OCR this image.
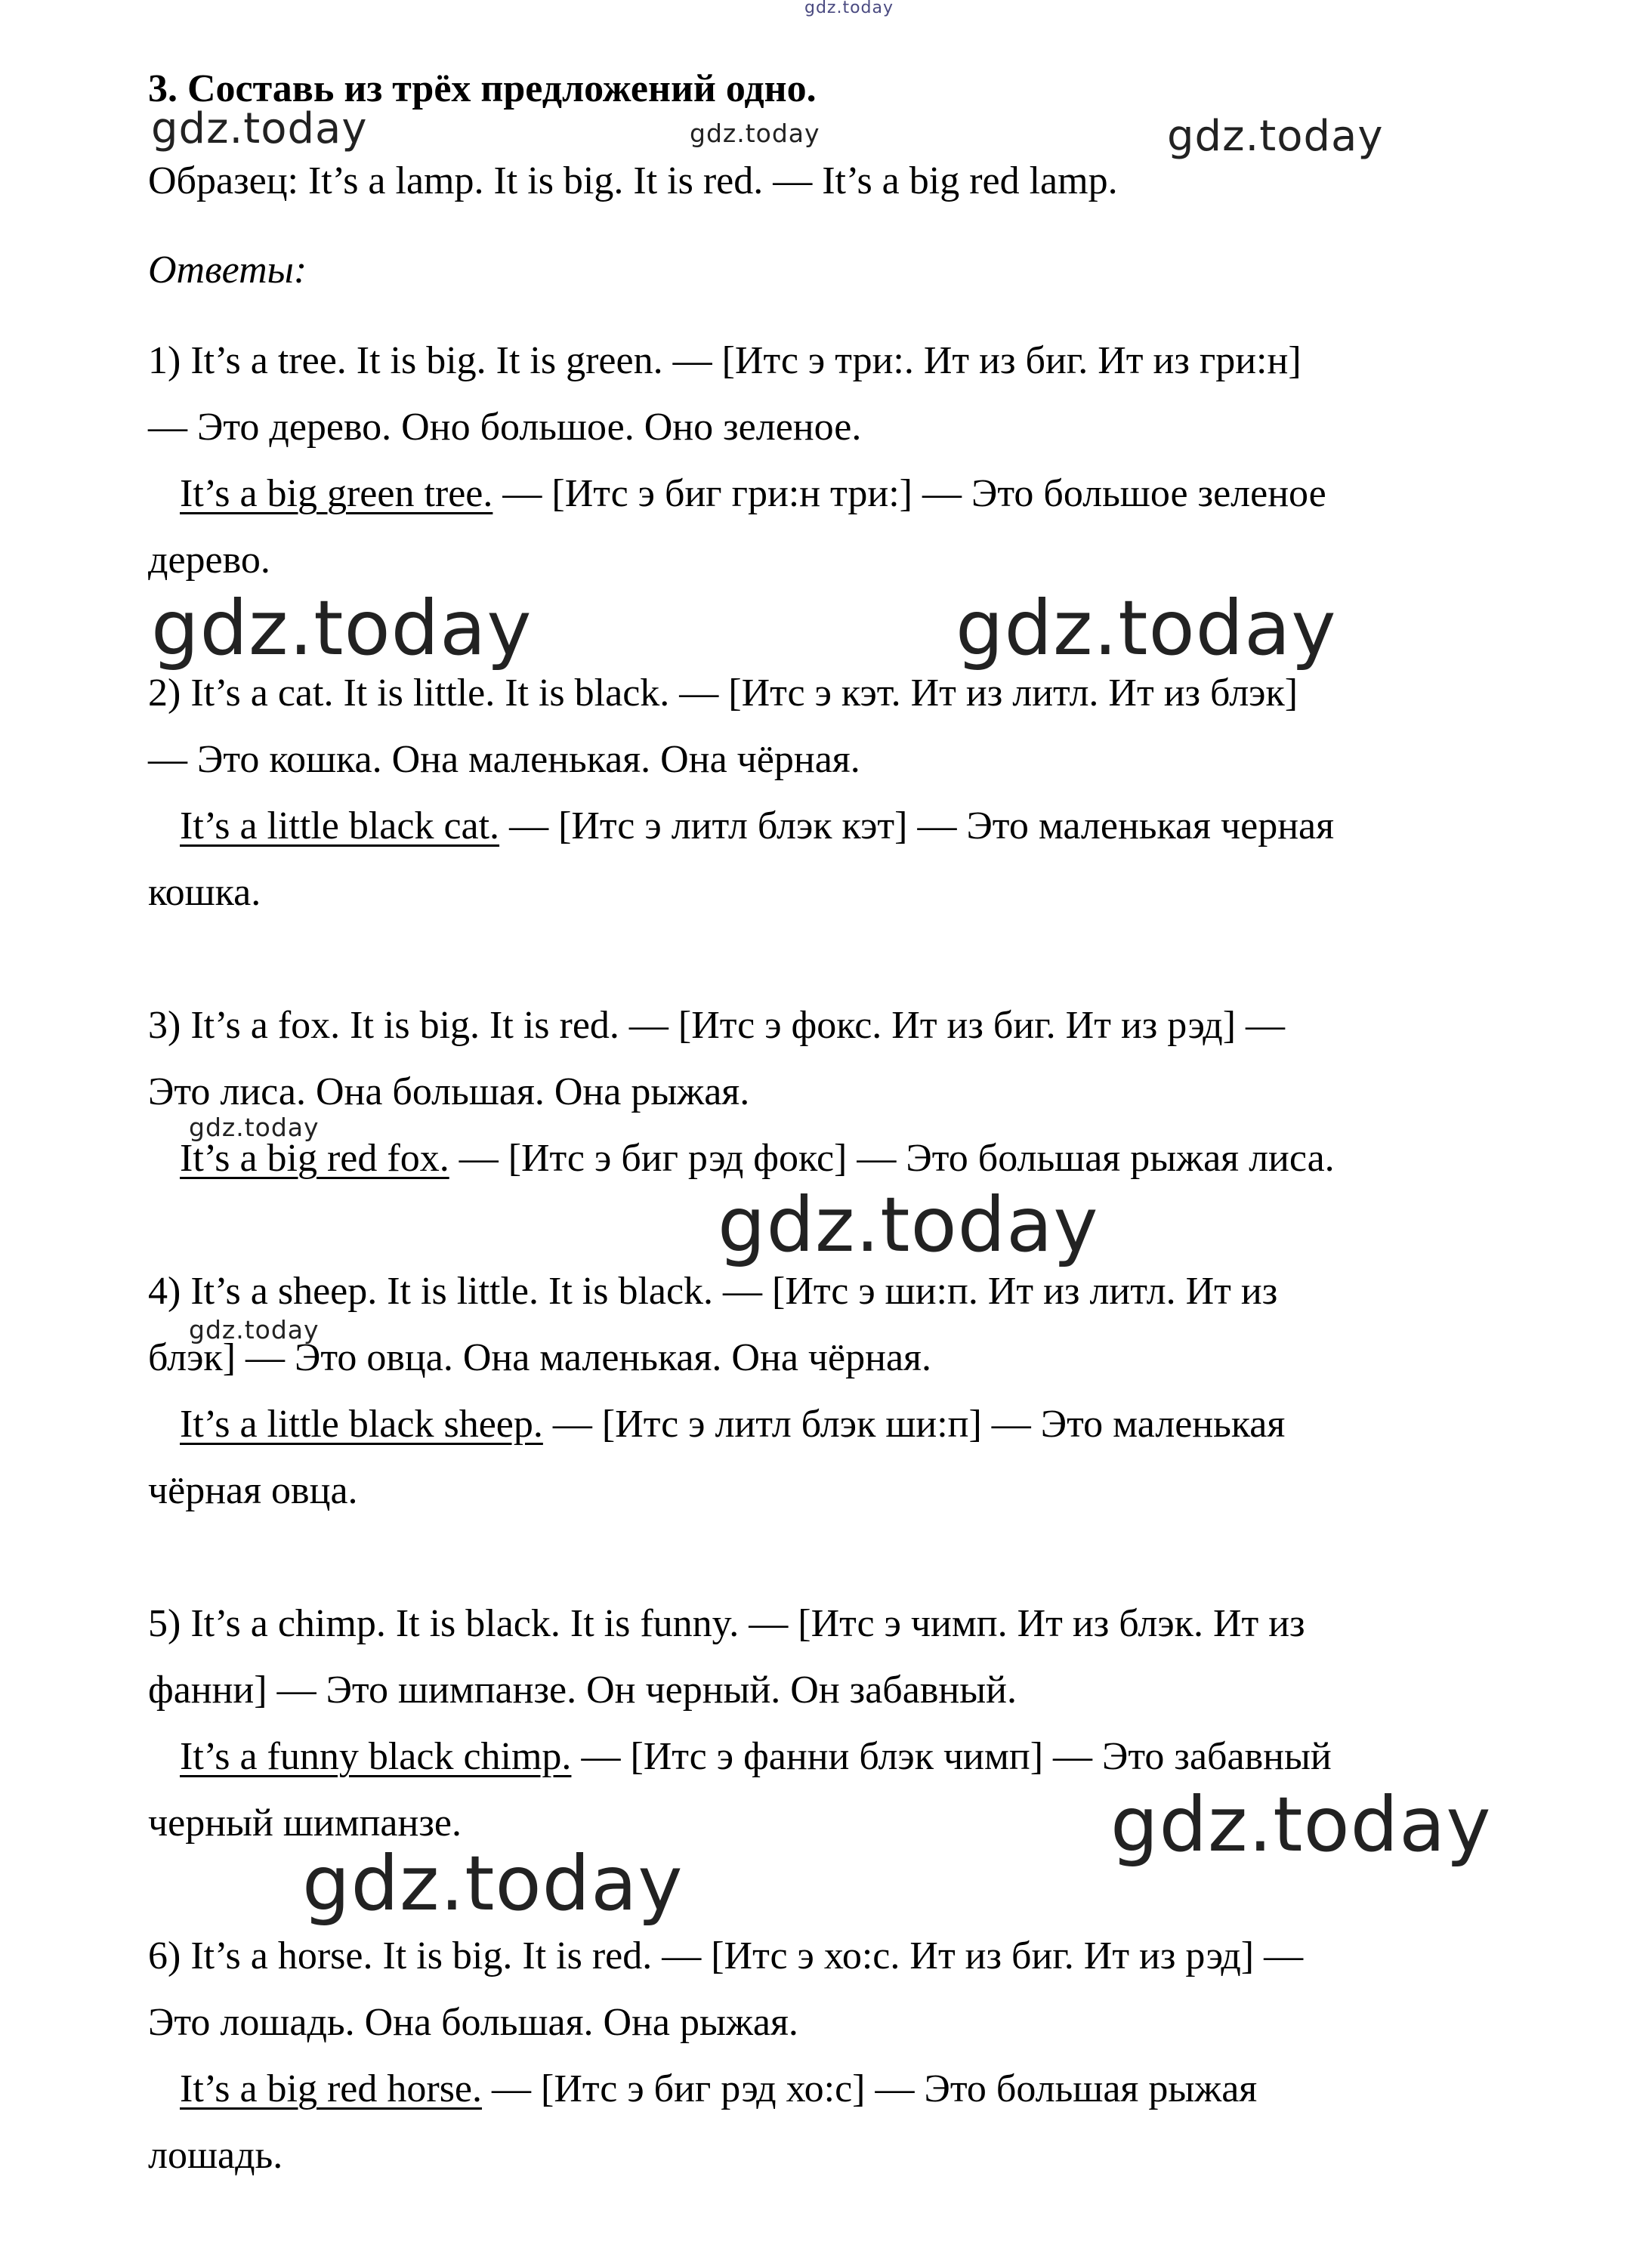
gdz.today
gdz.today	gdz.today	gdz.today
gdz.today	gdz.today
gdz.today
gdz.today
gdz.today
gdz.today
gdz.today

3. Составь из трёх предложений одно.

Образец: It’s a lamp. It is big. It is red. — It’s a big red lamp.

Ответы:

1) It’s a tree. It is big. It is green. — [Итс э три:. Ит из биг. Ит из гри:н]

— Это дерево. Оно большое. Оно зеленое.

It’s a big green tree. — [Итс э биг гри:н три:] — Это большое зеленое

дерево.

2) It’s a cat. It is little. It is black. — [Итс э кэт. Ит из литл. Ит из блэк]

— Это кошка. Она маленькая. Она чёрная.

It’s a little black cat. — [Итс э литл блэк кэт] — Это маленькая черная

кошка.

3) It’s a fox. It is big. It is red. — [Итс э фокс. Ит из биг. Ит из рэд] —

Это лиса. Она большая. Она рыжая.

It’s a big red fox. — [Итс э биг рэд фокс] — Это большая рыжая лиса.

4) It’s a sheep. It is little. It is black. — [Итс э ши:п. Ит из литл. Ит из

блэк] — Это овца. Она маленькая. Она чёрная.

It’s a little black sheep. — [Итс э литл блэк ши:п] — Это маленькая

чёрная овца.

5) It’s a chimp. It is black. It is funny. — [Итс э чимп. Ит из блэк. Ит из

фанни] — Это шимпанзе. Он черный. Он забавный.

It’s a funny black chimp. — [Итс э фанни блэк чимп] — Это забавный

черный шимпанзе.

6) It’s a horse. It is big. It is red. — [Итс э хо:с. Ит из биг. Ит из рэд] —

Это лошадь. Она большая. Она рыжая.

It’s a big red horse. — [Итс э биг рэд хо:с] — Это большая рыжая

лошадь.
